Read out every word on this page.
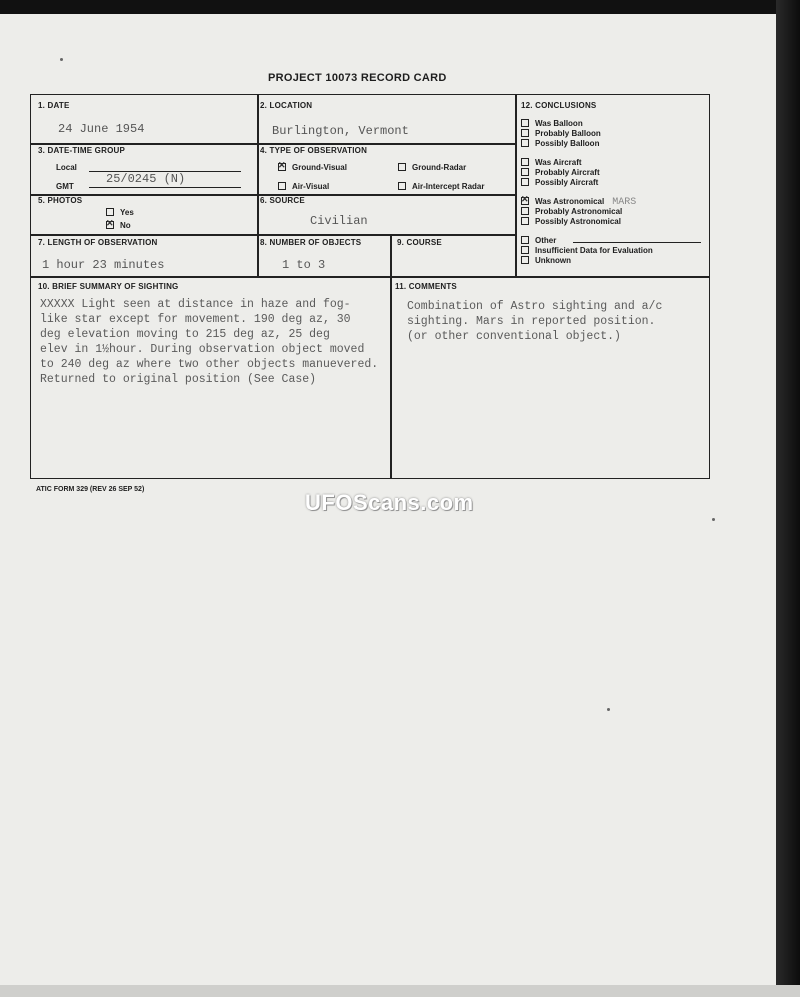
PROJECT 10073 RECORD CARD
1. DATE
24 June 1954
2. LOCATION
Burlington, Vermont
3. DATE-TIME GROUP
Local
GMT
25/0245 (N)
4. TYPE OF OBSERVATION
✕Ground-Visual	Ground-Radar
Air-Visual	Air-Intercept Radar
5. PHOTOS
Yes
✕No
6. SOURCE
Civilian
7. LENGTH OF OBSERVATION
1 hour 23 minutes
8. NUMBER OF OBJECTS
1 to 3
9. COURSE
10. BRIEF SUMMARY OF SIGHTING
XXXXX Light seen at distance in haze and fog-
like star except for movement. 190 deg az, 30
deg elevation moving to 215 deg az, 25 deg
elev in 1½hour. During observation object moved
to 240 deg az where two other objects manuevered.
Returned to original position (See Case)
11. COMMENTS
Combination of Astro sighting and a/c
sighting. Mars in reported position.
(or other conventional object.)
12. CONCLUSIONS
Was Balloon
Probably Balloon
Possibly Balloon
Was Aircraft
Probably Aircraft
Possibly Aircraft
✕Was Astronomical MARS
Probably Astronomical
Possibly Astronomical
Other
Insufficient Data for Evaluation
Unknown
ATIC FORM 329 (REV 26 SEP 52)
UFOScans.com
